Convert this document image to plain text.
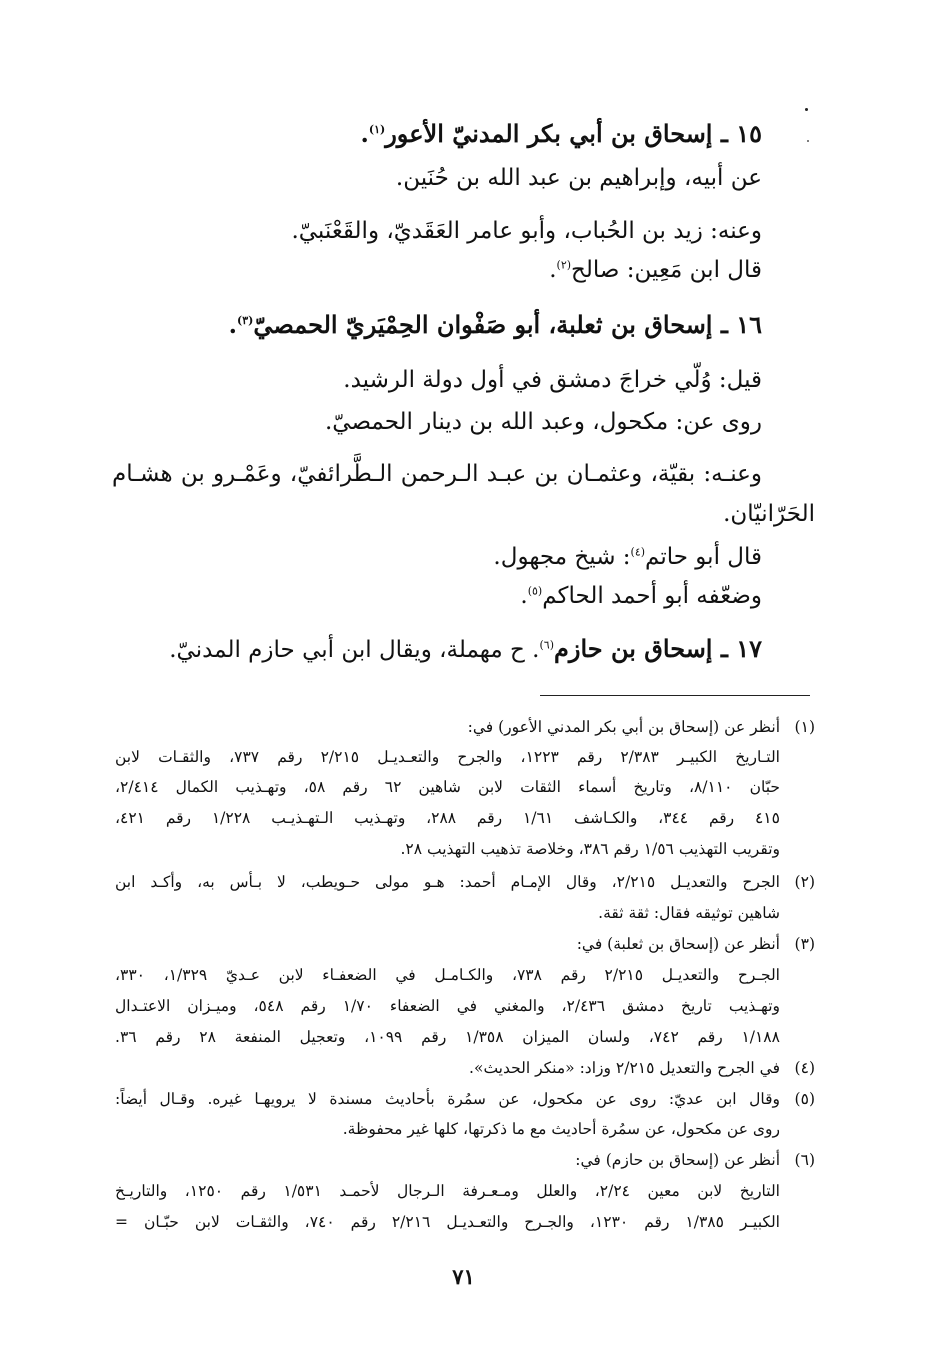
١٥ ـ إسحاق بن أبي بكر المدنيّ الأعور$^{(١)}$.
عن أبيه، وإبراهيم بن عبد الله بن حُنَين.
وعنه: زيد بن الحُباب، وأبو عامر العَقَديّ، والقَعْنَبيّ.
قال ابن مَعِين: صالح$^{(٢)}$.
١٦ ـ إسحاق بن ثعلبة، أبو صَفْوان الحِمْيَريّ الحمصيّ$^{(٣)}$.
قيل: وُلّي خراجَ دمشق في أول دولة الرشيد.
روى عن: مكحول، وعبد الله بن دينار الحمصيّ.
وعنـه: بقيّة، وعثمـان بن عبـد الـرحمن الـطَّرائفيّ، وعَمْـرو بن هشـام
الحَرّانيّان.
قال أبو حاتم$^{(٤)}$: شيخ مجهول.
وضعّفه أبو أحمد الحاكم$^{(٥)}$.
١٧ ـ إسحاق بن حازم$^{(٦)}$. ح مهملة، ويقال ابن أبي حازم المدنيّ.
(١)
أنظر عن (إسحاق بن أبي بكر المدني الأعور) في:
التـاريخ الكبيـر ٢/٣٨٣ رقم ١٢٢٣، والجرح والتعـديـل ٢/٢١٥ رقم ٧٣٧، والثقـات لابن
حبّان ٨/١١٠، وتاريخ أسماء الثقات لابن شاهين ٦٢ رقم ٥٨، وتهـذيب الكمال ٢/٤١٤،
٤١٥ رقم ٣٤٤، والكـاشف ١/٦١ رقم ٢٨٨، وتهـذيب الـتهـذيـب ١/٢٢٨ رقم ٤٢١،
وتقريب التهذيب ١/٥٦ رقم ٣٨٦، وخلاصة تذهيب التهذيب ٢٨.
(٢)
الجرح والتعديـل ٢/٢١٥، وقال الإمـام أحمد: هـو مولى حـويطب، لا بـأس به، وأكـد ابن
شاهين توثيقه فقال: ثقة ثقة.
(٣)
أنظر عن (إسحاق بن ثعلبة) في:
الجـرح والتعديـل ٢/٢١٥ رقم ٧٣٨، والكـامـل في الضعفـاء لابن عـديّ ١/٣٢٩، ٣٣٠،
وتهـذيب تاريخ دمشق ٢/٤٣٦، والمغني في الضعفاء ١/٧٠ رقم ٥٤٨، وميـزان الاعتـدال
١/١٨٨ رقم ٧٤٢، ولسان الميزان ١/٣٥٨ رقم ١٠٩٩، وتعجيل المنفعة ٢٨ رقم ٣٦.
(٤)
في الجرح والتعديل ٢/٢١٥ وزاد: «منكر الحديث».
(٥)
وقال ابن عديّ: روى عن مكحول، عن سمُرة بأحاديث مسندة لا يرويهـا غيره. وقـال أيضاً:
روى عن مكحول، عن سمُرة أحاديث مع ما ذكرتها، كلها غير محفوظة.
(٦)
أنظر عن (إسحاق بن حازم) في:
التاريخ لابن معين ٢/٢٤، والعلل ومـعـرفة الـرجال لأحمـد ١/٥٣١ رقم ١٢٥٠، والتاريـخ
الكبيـر ١/٣٨٥ رقم ١٢٣٠، والجـرح والتعـديـل ٢/٢١٦ رقم ٧٤٠، والثقـات لابن حبّـان =
٧١
